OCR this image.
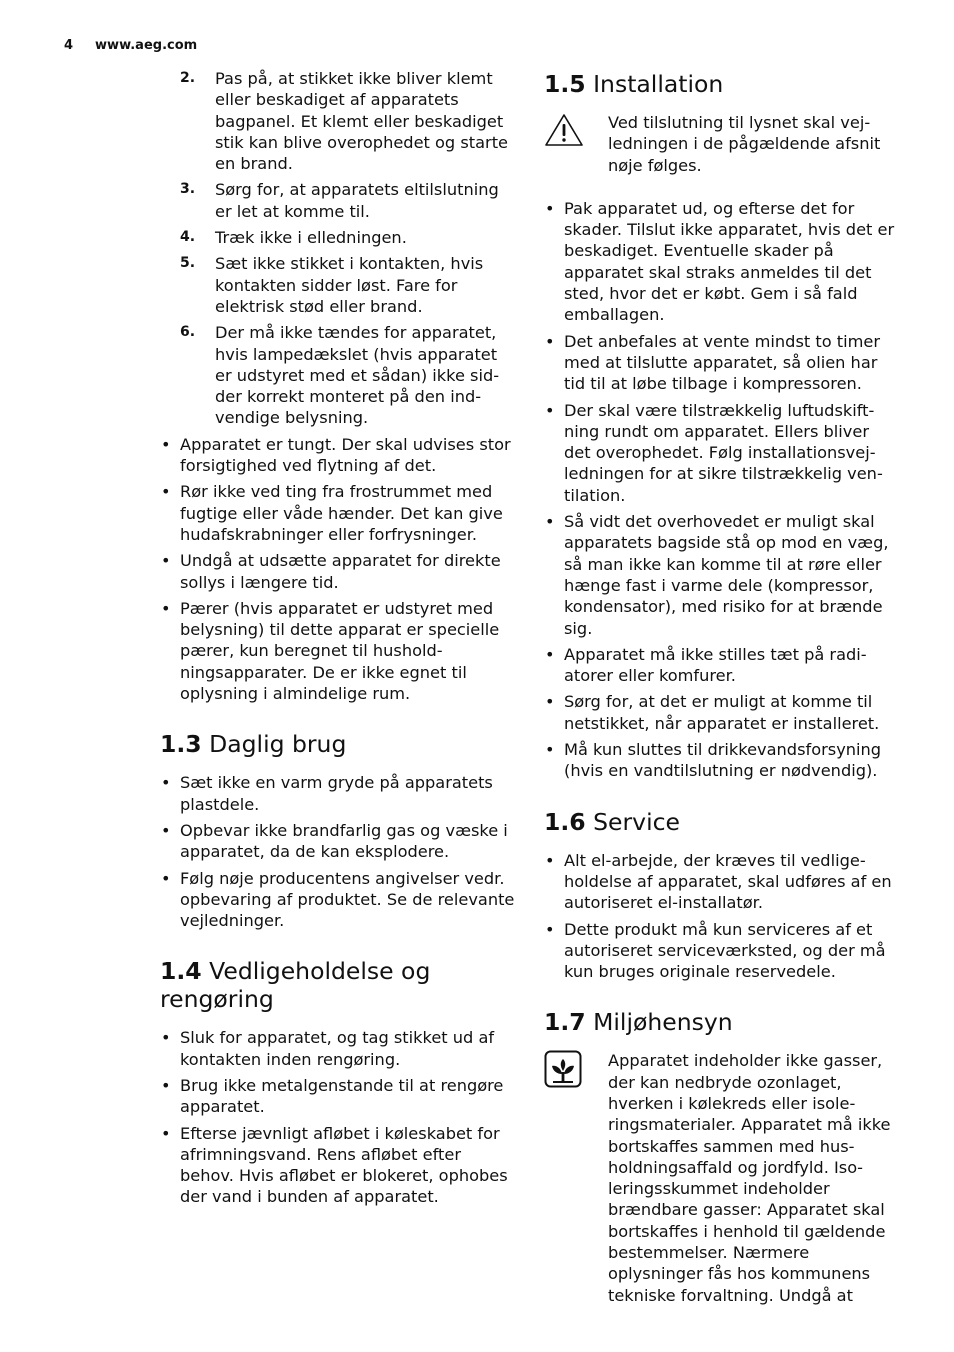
4 www.aeg.com
2. Pas på, at stikket ikke bliver klemt eller beskadiget af apparatets bagpanel. Et klemt eller beskadiget stik kan blive overophedet og starte en brand.
3. Sørg for, at apparatets eltilslutning er let at komme til.
4. Træk ikke i elledningen.
5. Sæt ikke stikket i kontakten, hvis kontakten sidder løst. Fare for elektrisk stød eller brand.
6. Der må ikke tændes for apparatet, hvis lampedækslet (hvis apparatet er udstyret med et sådan) ikke sidder korrekt monteret på den indvendige belysning.
• Apparatet er tungt. Der skal udvises stor forsigtighed ved flytning af det.
• Rør ikke ved ting fra frostrummet med fugtige eller våde hænder. Det kan give hudafskrabninger eller forfrysninger.
• Undgå at udsætte apparatet for direkte sollys i længere tid.
• Pærer (hvis apparatet er udstyret med belysning) til dette apparat er specielle pærer, kun beregnet til husholdningsapparater. De er ikke egnet til oplysning i almindelige rum.
1.3 Daglig brug
• Sæt ikke en varm gryde på apparatets plastdele.
• Opbevar ikke brandfarlig gas og væske i apparatet, da de kan eksplodere.
• Følg nøje producentens angivelser vedr. opbevaring af produktet. Se de relevante vejledninger.
1.4 Vedligeholdelse og rengøring
• Sluk for apparatet, og tag stikket ud af kontakten inden rengøring.
• Brug ikke metalgenstande til at rengøre apparatet.
• Efterse jævnligt afløbet i køleskabet for afrimningsvand. Rens afløbet efter behov. Hvis afløbet er blokeret, ophobes der vand i bunden af apparatet.
1.5 Installation
Ved tilslutning til lysnet skal vejledningen i de pågældende afsnit nøje følges.
• Pak apparatet ud, og efterse det for skader. Tilslut ikke apparatet, hvis det er beskadiget. Eventuelle skader på apparatet skal straks anmeldes til det sted, hvor det er købt. Gem i så fald emballagen.
• Det anbefales at vente mindst to timer med at tilslutte apparatet, så olien har tid til at løbe tilbage i kompressoren.
• Der skal være tilstrækkelig luftudskiftning rundt om apparatet. Ellers bliver det overophedet. Følg installationsvejledningen for at sikre tilstrækkelig ventilation.
• Så vidt det overhovedet er muligt skal apparatets bagside stå op mod en væg, så man ikke kan komme til at røre eller hænge fast i varme dele (kompressor, kondensator), med risiko for at brænde sig.
• Apparatet må ikke stilles tæt på radiatorer eller komfurer.
• Sørg for, at det er muligt at komme til netstikket, når apparatet er installeret.
• Må kun sluttes til drikkevandsforsyning (hvis en vandtilslutning er nødvendig).
1.6 Service
• Alt el-arbejde, der kræves til vedligeholdelse af apparatet, skal udføres af en autoriseret el-installatør.
• Dette produkt må kun serviceres af et autoriseret serviceværksted, og der må kun bruges originale reservedele.
1.7 Miljøhensyn
Apparatet indeholder ikke gasser, der kan nedbryde ozonlaget, hverken i kølekreds eller isoleringsmaterialer. Apparatet må ikke bortskaffes sammen med husholdningsaffald og jordfyld. Isoleringsskummet indeholder brændbare gasser: Apparatet skal bortskaffes i henhold til gældende bestemmelser. Nærmere oplysninger fås hos kommunens tekniske forvaltning. Undgå at
